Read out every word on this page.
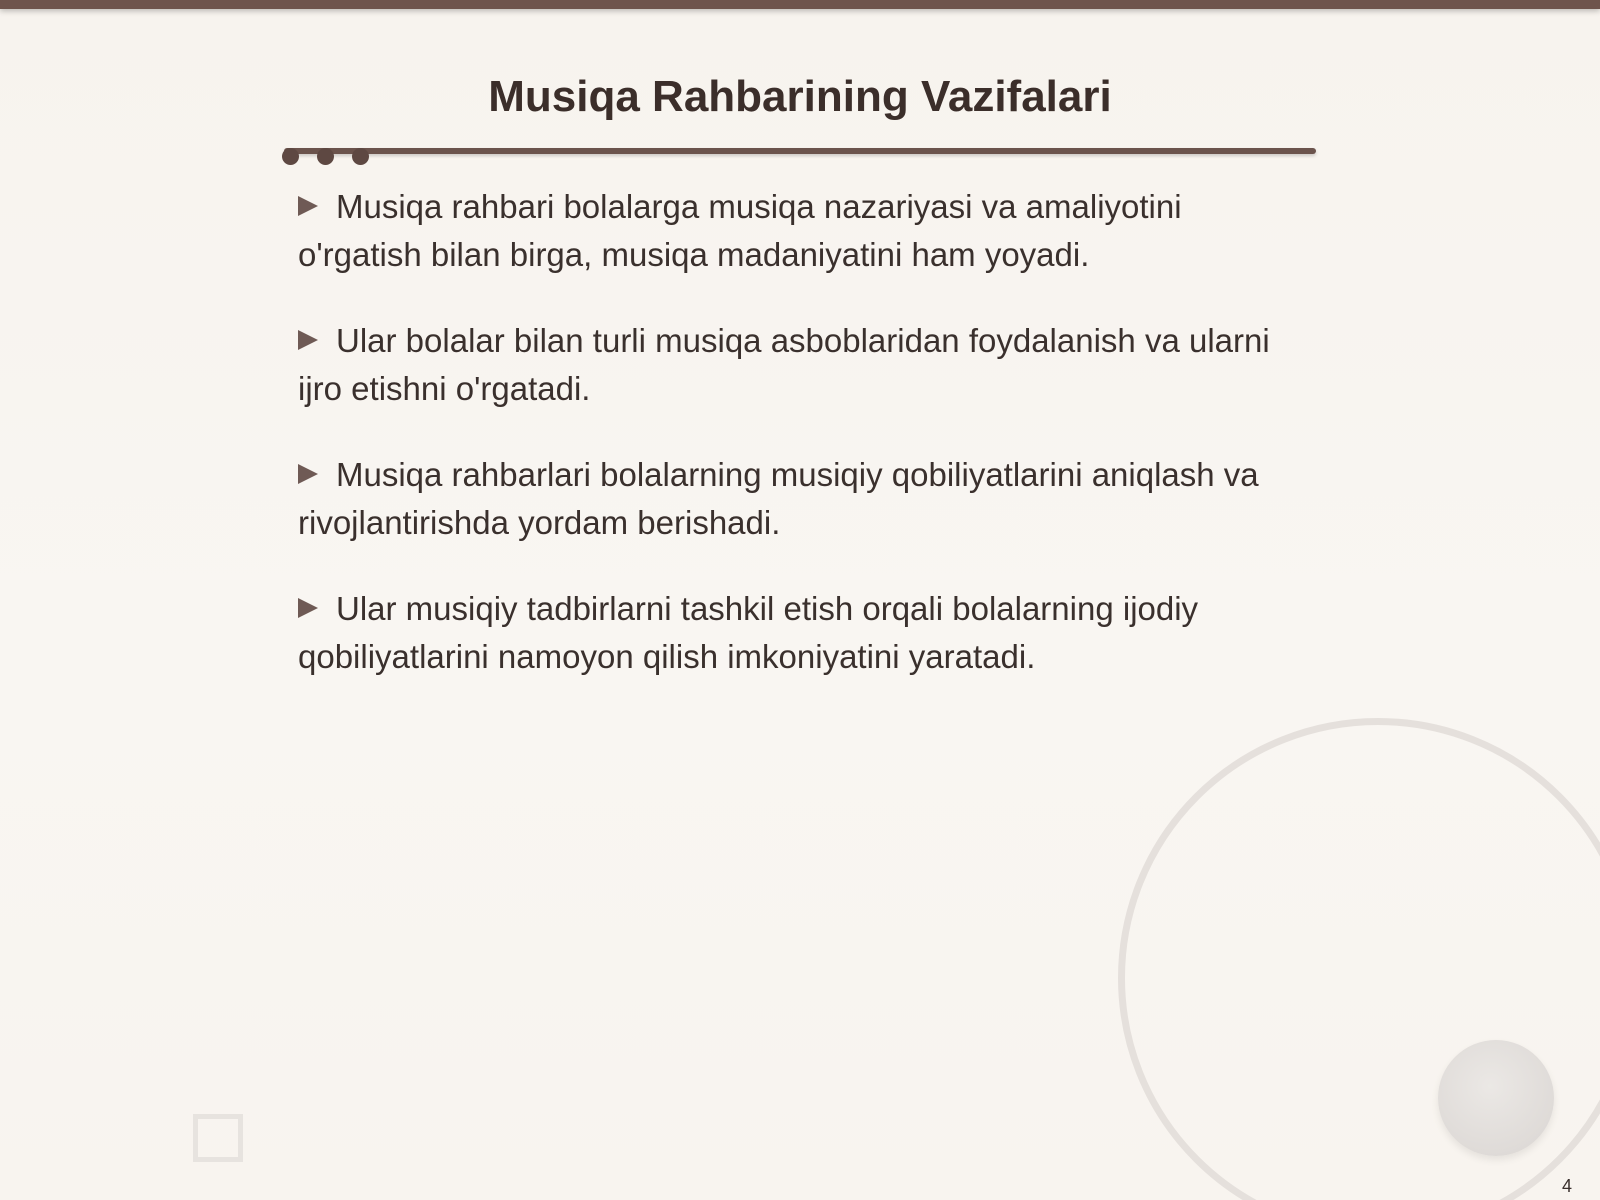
Musiqa Rahbarining Vazifalari
Musiqa rahbari bolalarga musiqa nazariyasi va amaliyotini o'rgatish bilan birga, musiqa madaniyatini ham yoyadi.
Ular bolalar bilan turli musiqa asboblaridan foydalanish va ularni ijro etishni o'rgatadi.
Musiqa rahbarlari bolalarning musiqiy qobiliyatlarini aniqlash va rivojlantirishda yordam berishadi.
Ular musiqiy tadbirlarni tashkil etish orqali bolalarning ijodiy qobiliyatlarini namoyon qilish imkoniyatini yaratadi.
4
